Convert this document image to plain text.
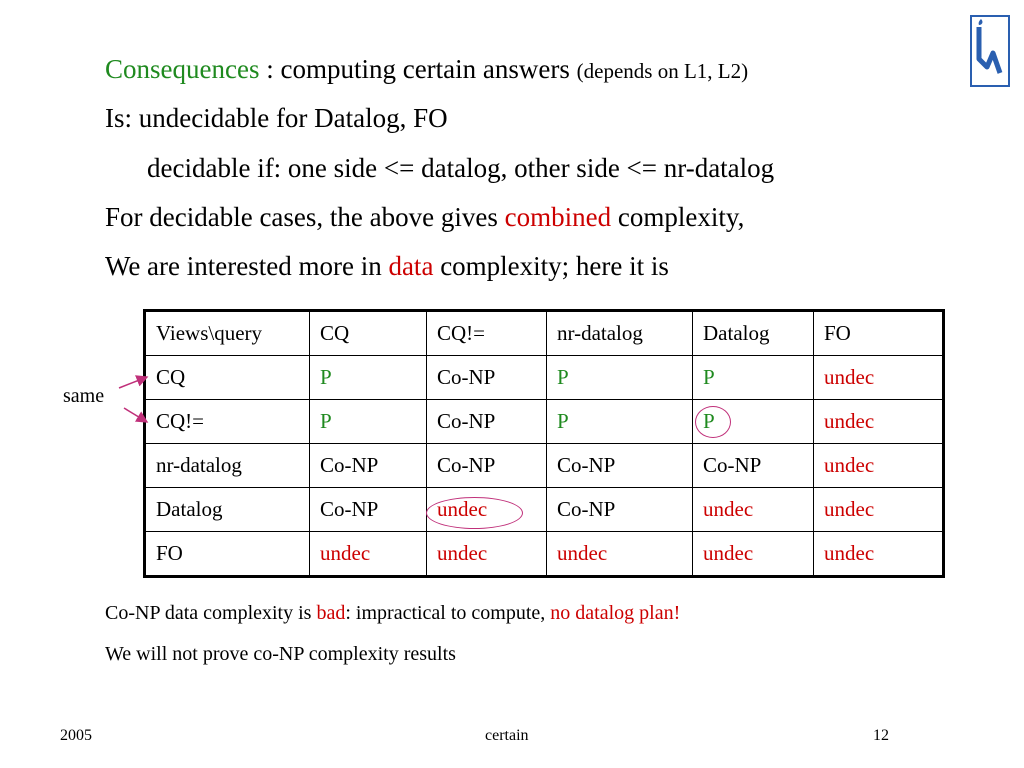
Consequences : computing certain answers (depends on L1, L2)
Is: undecidable for Datalog, FO
decidable if: one side <= datalog, other side <= nr-datalog
For decidable cases, the above gives combined complexity,
We are interested more in data complexity; here it is
Views\query	CQ	CQ!=	nr-datalog	Datalog	FO
CQ	P	Co-NP	P	P	undec
CQ!=	P	Co-NP	P	P	undec
nr-datalog	Co-NP	Co-NP	Co-NP	Co-NP	undec
Datalog	Co-NP	undec	Co-NP	undec	undec
FO	undec	undec	undec	undec	undec
same
Co-NP data complexity is bad: impractical to compute, no datalog plan!
We will not prove co-NP complexity results
2005	certain	12
